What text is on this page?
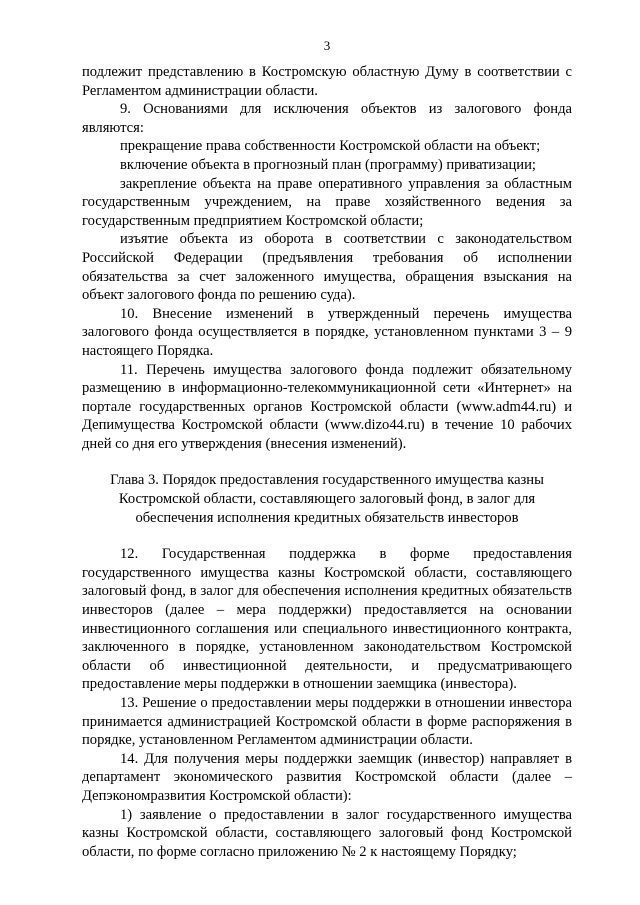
3

подлежит представлению в Костромскую областную Думу в соответствии с Регламентом администрации области.

9. Основаниями для исключения объектов из залогового фонда являются:

прекращение права собственности Костромской области на объект;

включение объекта в прогнозный план (программу) приватизации;

закрепление объекта на праве оперативного управления за областным государственным учреждением, на праве хозяйственного ведения за государственным предприятием Костромской области;

изъятие объекта из оборота в соответствии с законодательством Российской Федерации (предъявления требования об исполнении обязательства за счет заложенного имущества, обращения взыскания на объект залогового фонда по решению суда).

10. Внесение изменений в утвержденный перечень имущества залогового фонда осуществляется в порядке, установленном пунктами 3 – 9 настоящего Порядка.

11. Перечень имущества залогового фонда подлежит обязательному размещению в информационно-телекоммуникационной сети «Интернет» на портале государственных органов Костромской области (www.adm44.ru) и Депимущества Костромской области (www.dizo44.ru) в течение 10 рабочих дней со дня его утверждения (внесения изменений).

Глава 3. Порядок предоставления государственного имущества казны
Костромской области, составляющего залоговый фонд, в залог для
обеспечения исполнения кредитных обязательств инвесторов

12. Государственная поддержка в форме предоставления государственного имущества казны Костромской области, составляющего залоговый фонд, в залог для обеспечения исполнения кредитных обязательств инвесторов (далее – мера поддержки) предоставляется на основании инвестиционного соглашения или специального инвестиционного контракта, заключенного в порядке, установленном законодательством Костромской области об инвестиционной деятельности, и предусматривающего предоставление меры поддержки в отношении заемщика (инвестора).

13. Решение о предоставлении меры поддержки в отношении инвестора принимается администрацией Костромской области в форме распоряжения в порядке, установленном Регламентом администрации области.

14. Для получения меры поддержки заемщик (инвестор) направляет в департамент экономического развития Костромской области (далее – Депэкономразвития Костромской области):

1) заявление о предоставлении в залог государственного имущества казны Костромской области, составляющего залоговый фонд Костромской области, по форме согласно приложению № 2 к настоящему Порядку;
